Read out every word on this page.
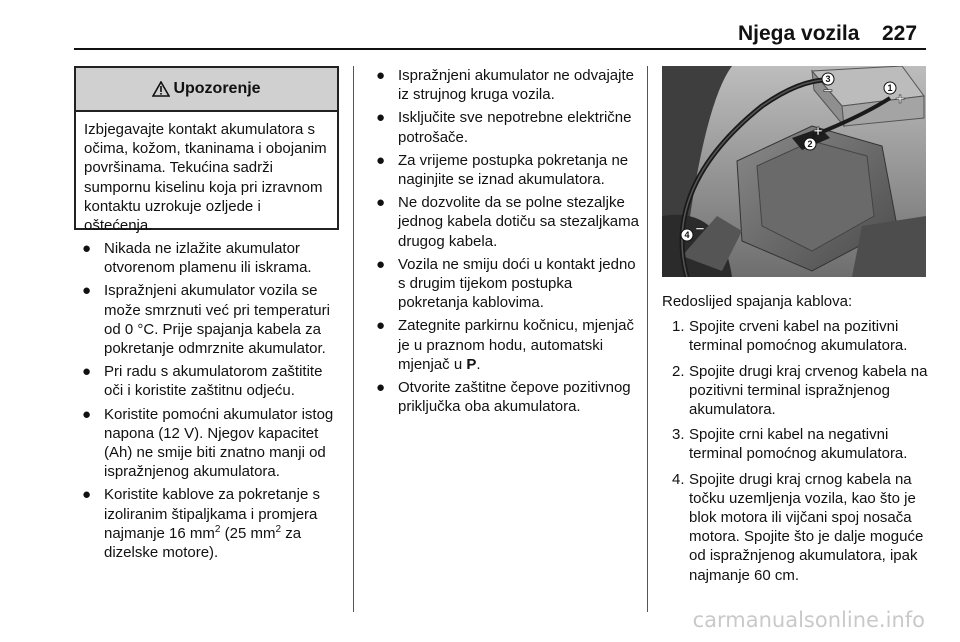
Njega vozila 227
Upozorenje
Izbjegavajte kontakt akumulatora s očima, kožom, tkaninama i obojanim površinama. Tekućina sadrži sumpornu kiselinu koja pri izravnom kontaktu uzrokuje ozljede i oštećenja.
● Nikada ne izlažite akumulator otvorenom plamenu ili iskrama.
● Ispražnjeni akumulator vozila se može smrznuti već pri temperaturi od 0 °C. Prije spajanja kabela za pokretanje odmrznite akumulator.
● Pri radu s akumulatorom zaštitite oči i koristite zaštitnu odjeću.
● Koristite pomoćni akumulator istog napona (12 V). Njegov kapacitet (Ah) ne smije biti znatno manji od ispražnjenog akumulatora.
● Koristite kablove za pokretanje s izoliranim štipaljkama i promjera najmanje 16 $mm^2$ (25 $mm^2$ za dizelske motore).
● Ispražnjeni akumulator ne odvajajte iz strujnog kruga vozila.
● Isključite sve nepotrebne električne potrošače.
● Za vrijeme postupka pokretanja ne naginjite se iznad akumulatora.
● Ne dozvolite da se polne stezaljke jednog kabela dotiču sa stezaljkama drugog kabela.
● Vozila ne smiju doći u kontakt jedno s drugim tijekom postupka pokretanja kablovima.
● Zategnite parkirnu kočnicu, mjenjač je u praznom hodu, automatski mjenjač u P.
● Otvorite zaštitne čepove pozitivnog priključka oba akumulatora.
1
2
3
4
+
+
−
−
Redoslijed spajanja kablova:
1. Spojite crveni kabel na pozitivni terminal pomoćnog akumulatora.
2. Spojite drugi kraj crvenog kabela na pozitivni terminal ispražnjenog akumulatora.
3. Spojite crni kabel na negativni terminal pomoćnog akumulatora.
4. Spojite drugi kraj crnog kabela na točku uzemljenja vozila, kao što je blok motora ili vijčani spoj nosača motora. Spojite što je dalje moguće od ispražnjenog akumulatora, ipak najmanje 60 cm.
carmanualsonline.info
